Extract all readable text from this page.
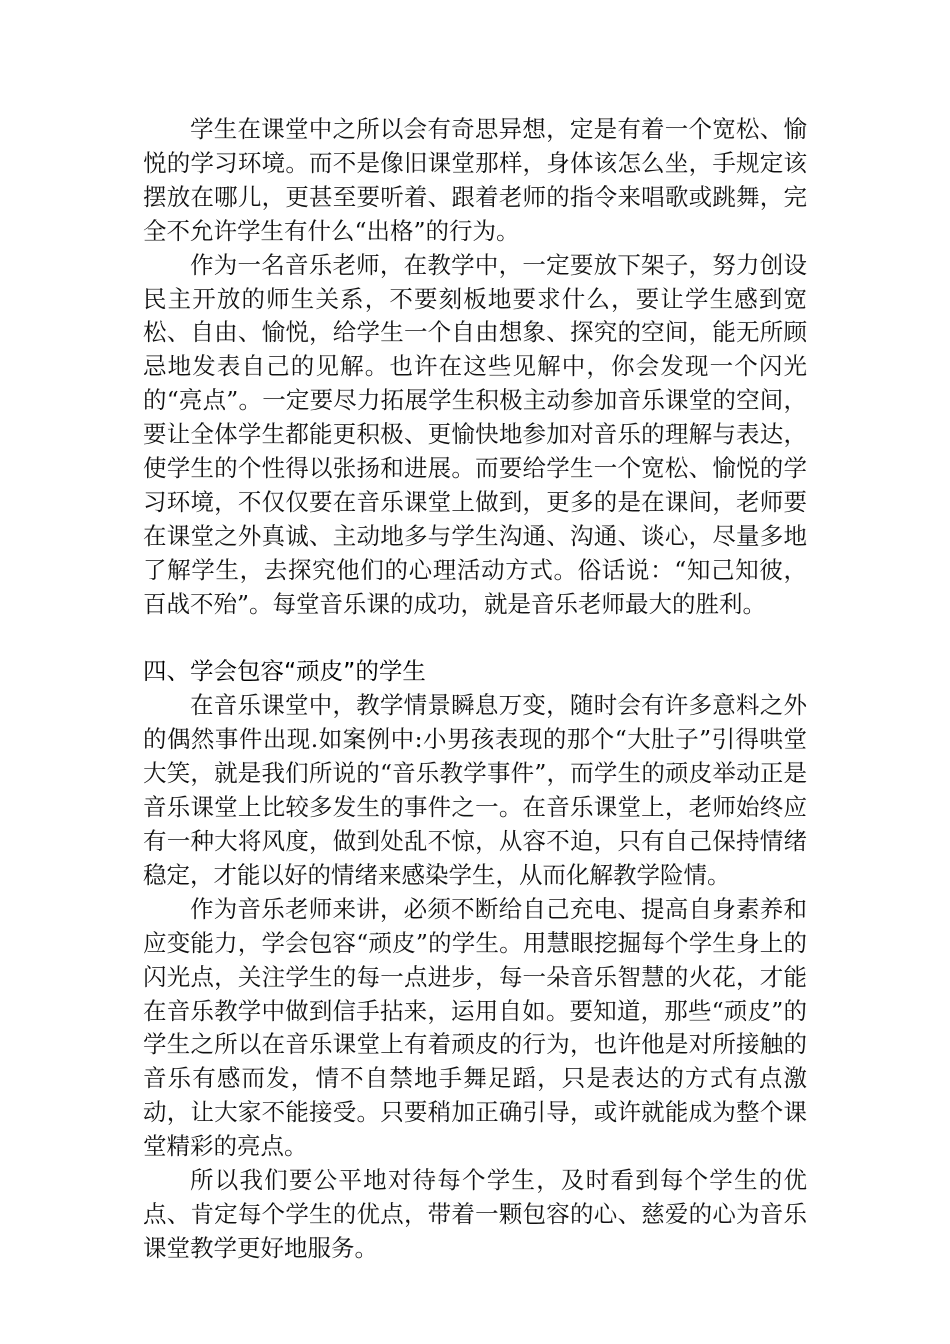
学生在课堂中之所以会有奇思异想，定是有着一个宽松、愉悦的学习环境。而不是像旧课堂那样，身体该怎么坐，手规定该摆放在哪儿，更甚至要听着、跟着老师的指令来唱歌或跳舞，完全不允许学生有什么“出格”的行为。

作为一名音乐老师，在教学中，一定要放下架子，努力创设民主开放的师生关系，不要刻板地要求什么，要让学生感到宽松、自由、愉悦，给学生一个自由想象、探究的空间，能无所顾忌地发表自己的见解。也许在这些见解中，你会发现一个闪光的“亮点”。一定要尽力拓展学生积极主动参加音乐课堂的空间，要让全体学生都能更积极、更愉快地参加对音乐的理解与表达，使学生的个性得以张扬和进展。而要给学生一个宽松、愉悦的学习环境，不仅仅要在音乐课堂上做到，更多的是在课间，老师要在课堂之外真诚、主动地多与学生沟通、沟通、谈心，尽量多地了解学生，去探究他们的心理活动方式。俗话说：“知己知彼，百战不殆”。每堂音乐课的成功，就是音乐老师最大的胜利。

四、学会包容“顽皮”的学生

在音乐课堂中，教学情景瞬息万变，随时会有许多意料之外的偶然事件出现.如案例中:小男孩表现的那个“大肚子”引得哄堂大笑，就是我们所说的“音乐教学事件”，而学生的顽皮举动正是音乐课堂上比较多发生的事件之一。在音乐课堂上，老师始终应有一种大将风度，做到处乱不惊，从容不迫，只有自己保持情绪稳定，才能以好的情绪来感染学生，从而化解教学险情。

作为音乐老师来讲，必须不断给自己充电、提高自身素养和应变能力，学会包容“顽皮”的学生。用慧眼挖掘每个学生身上的闪光点，关注学生的每一点进步，每一朵音乐智慧的火花，才能在音乐教学中做到信手拈来，运用自如。要知道，那些“顽皮”的学生之所以在音乐课堂上有着顽皮的行为，也许他是对所接触的音乐有感而发，情不自禁地手舞足蹈，只是表达的方式有点激动，让大家不能接受。只要稍加正确引导，或许就能成为整个课堂精彩的亮点。

所以我们要公平地对待每个学生，及时看到每个学生的优点、肯定每个学生的优点，带着一颗包容的心、慈爱的心为音乐课堂教学更好地服务。
